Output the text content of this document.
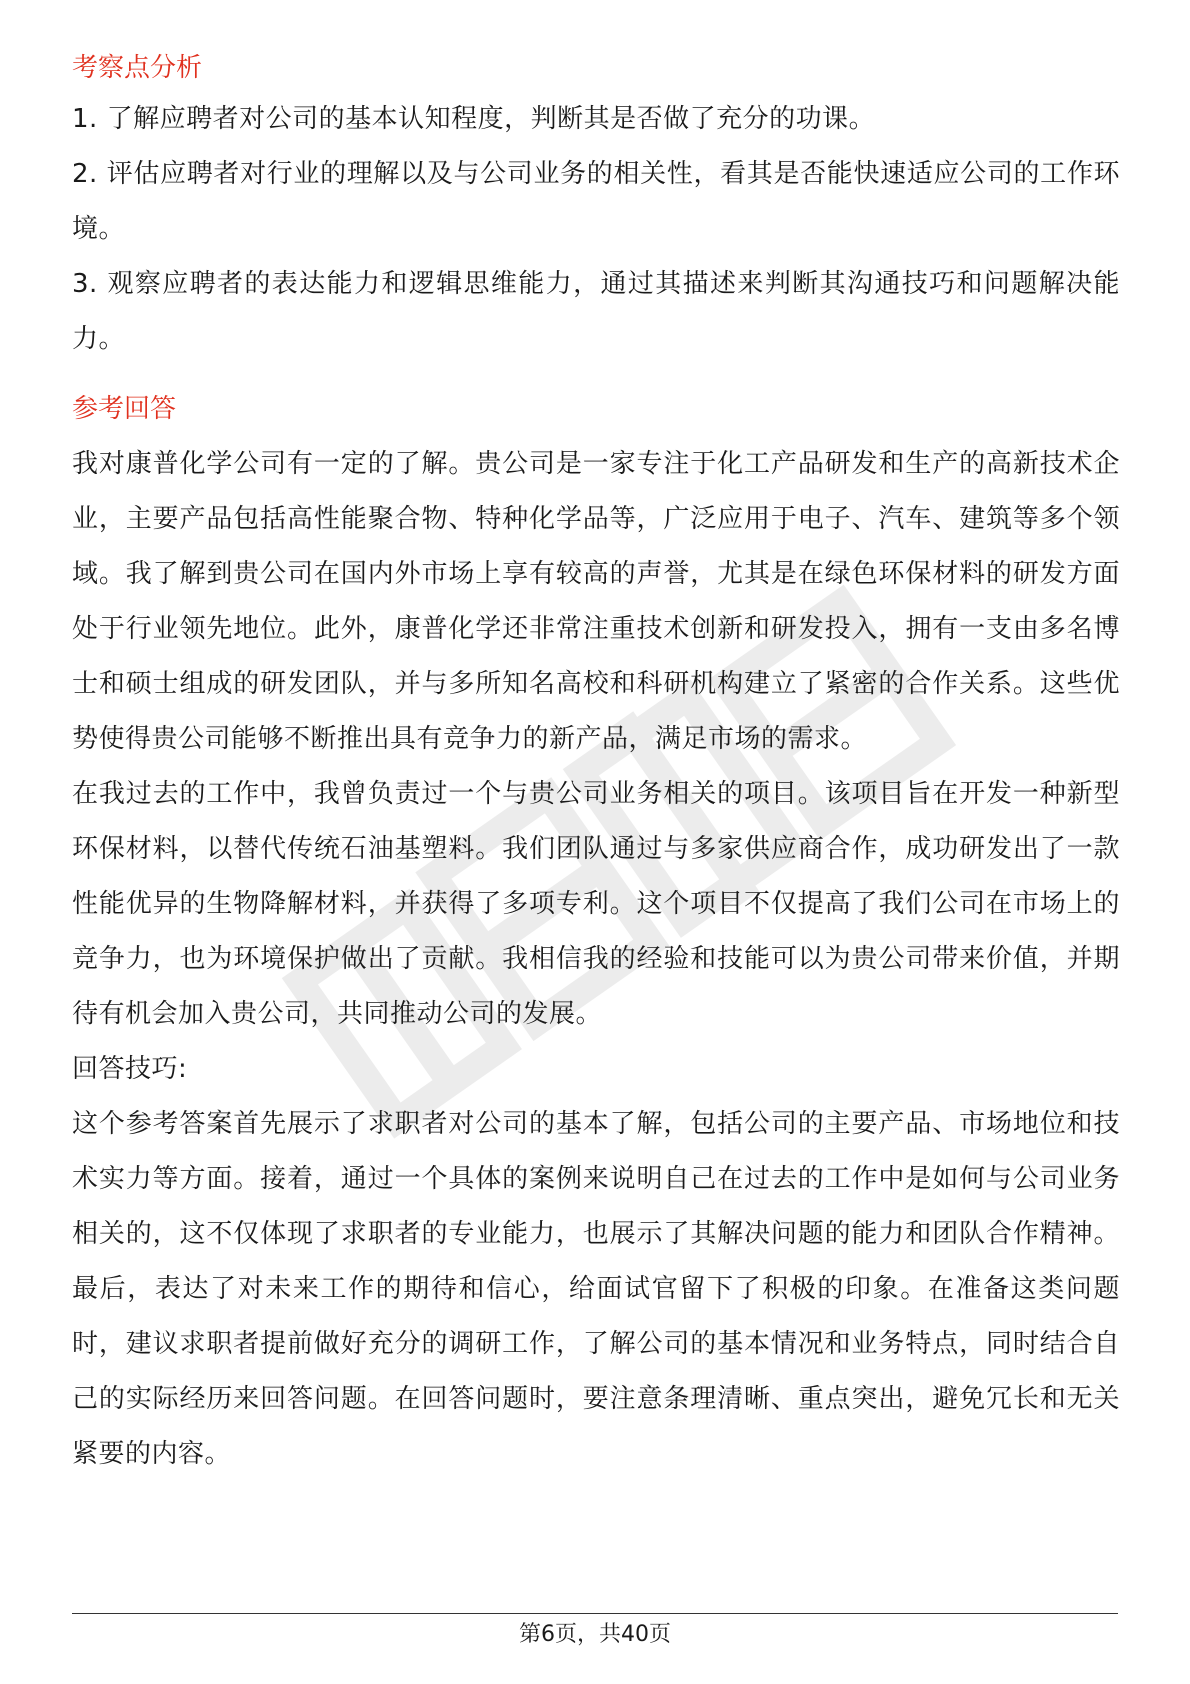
考察点分析

1. 了解应聘者对公司的基本认知程度，判断其是否做了充分的功课。

2. 评估应聘者对行业的理解以及与公司业务的相关性，看其是否能快速适应公司的工作环境。

3. 观察应聘者的表达能力和逻辑思维能力，通过其描述来判断其沟通技巧和问题解决能力。

参考回答

我对康普化学公司有一定的了解。贵公司是一家专注于化工产品研发和生产的高新技术企业，主要产品包括高性能聚合物、特种化学品等，广泛应用于电子、汽车、建筑等多个领域。我了解到贵公司在国内外市场上享有较高的声誉，尤其是在绿色环保材料的研发方面处于行业领先地位。此外，康普化学还非常注重技术创新和研发投入，拥有一支由多名博士和硕士组成的研发团队，并与多所知名高校和科研机构建立了紧密的合作关系。这些优势使得贵公司能够不断推出具有竞争力的新产品，满足市场的需求。

在我过去的工作中，我曾负责过一个与贵公司业务相关的项目。该项目旨在开发一种新型环保材料，以替代传统石油基塑料。我们团队通过与多家供应商合作，成功研发出了一款性能优异的生物降解材料，并获得了多项专利。这个项目不仅提高了我们公司在市场上的竞争力，也为环境保护做出了贡献。我相信我的经验和技能可以为贵公司带来价值，并期待有机会加入贵公司，共同推动公司的发展。

回答技巧:

这个参考答案首先展示了求职者对公司的基本了解，包括公司的主要产品、市场地位和技术实力等方面。接着，通过一个具体的案例来说明自己在过去的工作中是如何与公司业务相关的，这不仅体现了求职者的专业能力，也展示了其解决问题的能力和团队合作精神。最后，表达了对未来工作的期待和信心，给面试官留下了积极的印象。在准备这类问题时，建议求职者提前做好充分的调研工作，了解公司的基本情况和业务特点，同时结合自己的实际经历来回答问题。在回答问题时，要注意条理清晰、重点突出，避免冗长和无关紧要的内容。

第6页，共40页
